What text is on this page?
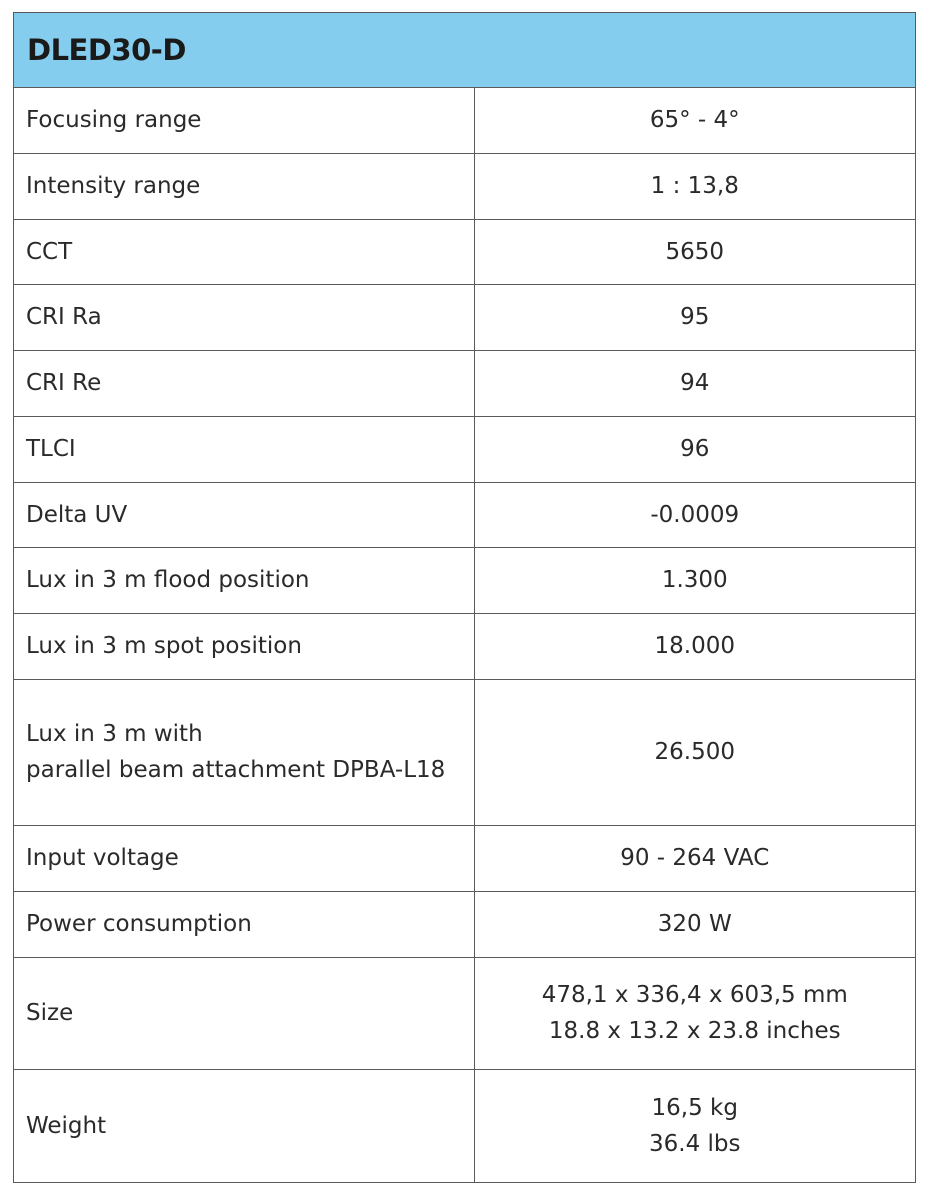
DLED30-D
Focusing range	65° - 4°

Intensity range	1 : 13,8

CCT	5650

CRI Ra	95

CRI Re	94

TLCI	96

Delta UV	-0.0009

Lux in 3 m flood position	1.300

Lux in 3 m spot position	18.000

Lux in 3 m with
parallel beam attachment DPBA-L18	26.500

Input voltage	90 - 264 VAC

Power consumption	320 W

Size	478,1 x 336,4 x 603,5 mm
18.8 x 13.2 x 23.8 inches

Weight	16,5 kg
36.4 lbs
